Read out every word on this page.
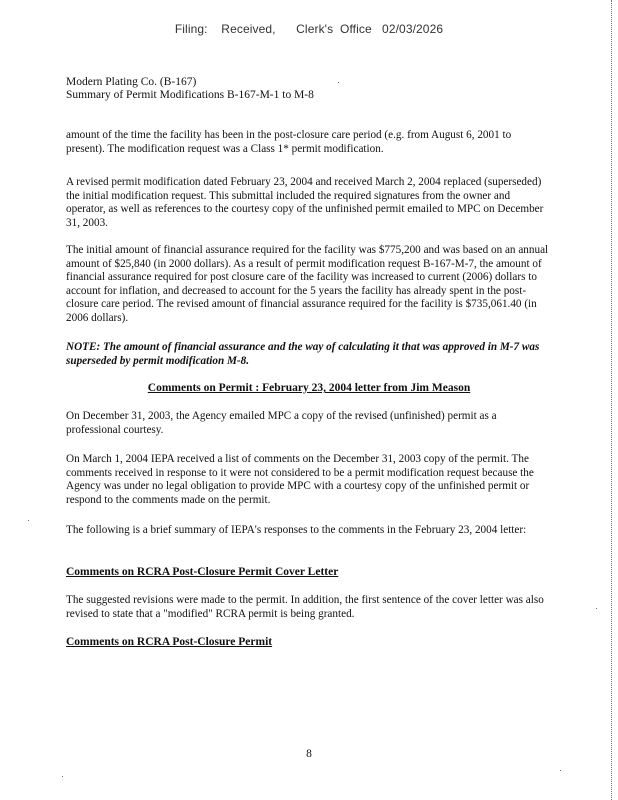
Filing:    Received,      Clerk's  Office   02/03/2026
Modern Plating Co. (B-167)
Summary of Permit Modifications B-167-M-1 to M-8
amount of the time the facility has been in the post-closure care period (e.g. from August 6, 2001 to present). The modification request was a Class 1* permit modification.
A revised permit modification dated February 23, 2004 and received March 2, 2004 replaced (superseded) the initial modification request. This submittal included the required signatures from the owner and operator, as well as references to the courtesy copy of the unfinished permit emailed to MPC on December 31, 2003.
The initial amount of financial assurance required for the facility was $775,200 and was based on an annual amount of $25,840 (in 2000 dollars). As a result of permit modification request B-167-M-7, the amount of financial assurance required for post closure care of the facility was increased to current (2006) dollars to account for inflation, and decreased to account for the 5 years the facility has already spent in the post-closure care period. The revised amount of financial assurance required for the facility is $735,061.40 (in 2006 dollars).
NOTE: The amount of financial assurance and the way of calculating it that was approved in M-7 was superseded by permit modification M-8.
Comments on Permit : February 23, 2004 letter from Jim Meason
On December 31, 2003, the Agency emailed MPC a copy of the revised (unfinished) permit as a professional courtesy.
On March 1, 2004 IEPA received a list of comments on the December 31, 2003 copy of the permit. The comments received in response to it were not considered to be a permit modification request because the Agency was under no legal obligation to provide MPC with a courtesy copy of the unfinished permit or respond to the comments made on the permit.
The following is a brief summary of IEPA's responses to the comments in the February 23, 2004 letter:
Comments on RCRA Post-Closure Permit Cover Letter
The suggested revisions were made to the permit. In addition, the first sentence of the cover letter was also revised to state that a "modified" RCRA permit is being granted.
Comments on RCRA Post-Closure Permit
8
